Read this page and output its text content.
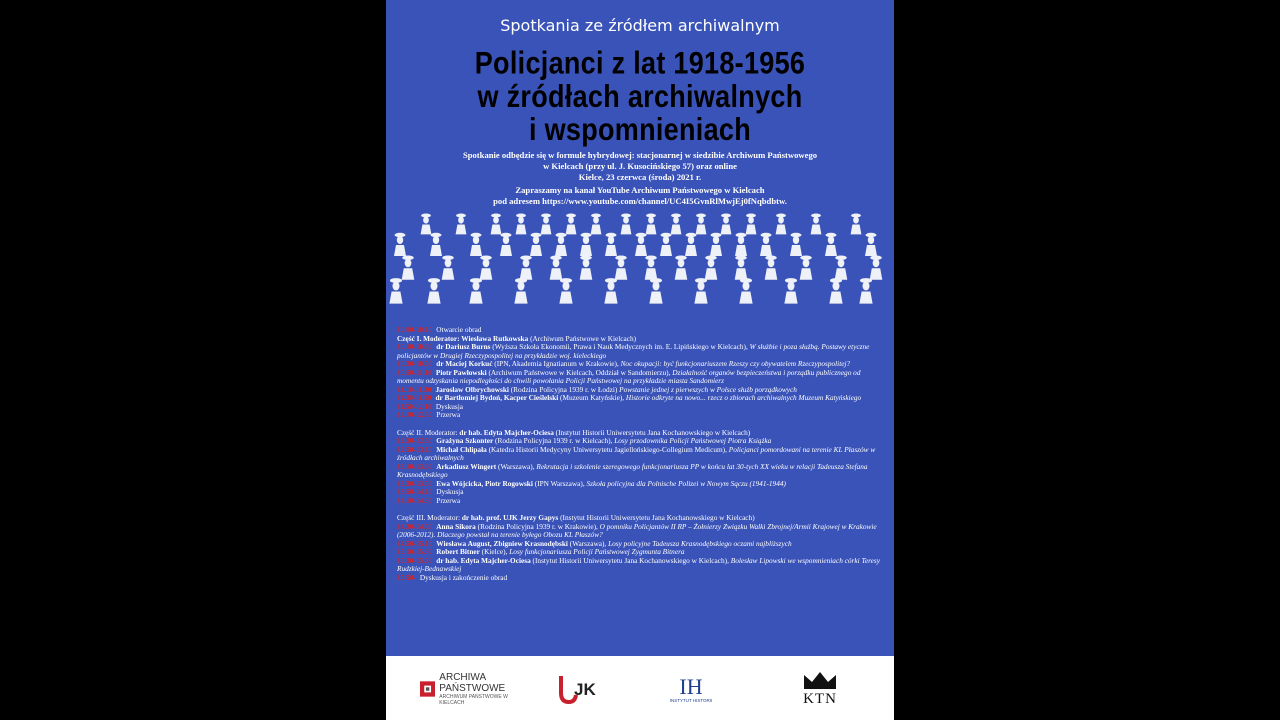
Spotkania ze źródłem archiwalnym
Policjanci z lat 1918-1956
w źródłach archiwalnych
i wspomnieniach
Spotkanie odbędzie się w formule hybrydowej: stacjonarnej w siedzibie Archiwum Państwowego
w Kielcach (przy ul. J. Kusocińskiego 57) oraz online
Kielce, 23 czerwca (środa) 2021 r.
Zapraszamy na kanał YouTube Archiwum Państwowego w Kielcach
pod adresem https://www.youtube.com/channel/UC4I5GvnRlMwjEj0fNqbdbtw.
10.00-10.10 Otwarcie obrad
Część I. Moderator: Wiesława Rutkowska (Archiwum Państwowe w Kielcach)
10.10-10.30 dr Dariusz Burns (Wyższa Szkoła Ekonomii, Prawa i Nauk Medycznych im. E. Lipińskiego w Kielcach), W służbie i poza służbą. Postawy etyczne policjantów w Drugiej Rzeczypospolitej na przykładzie woj. kieleckiego
10.30-10.50 dr Maciej Korkuć (IPN, Akademia Ignatianum w Krakowie), Noc okupacji: być funkcjonariuszem Rzeszy czy obywatelem Rzeczypospolitej?
10.50-11.10 Piotr Pawłowski (Archiwum Państwowe w Kielcach, Oddział w Sandomierzu), Działalność organów bezpieczeństwa i porządku publicznego od momentu odzyskania niepodległości do chwili powołania Policji Państwowej na przykładzie miasta Sandomierz
11.10-11.30 Jarosław Olbrychowski (Rodzina Policyjna 1939 r. w Łodzi) Powstanie jednej z pierwszych w Polsce służb porządkowych
11.30-11.50 dr Bartłomiej Bydoń, Kacper Cieślelski (Muzeum Katyńskie), Historie odkryte na nowo... rzecz o zbiorach archiwalnych Muzeum Katyńskiego
11.50-12.10 Dyskusja
12.10-12.30 Przerwa
Część II. Moderator: dr hab. Edyta Majcher-Ociesa (Instytut Historii Uniwersytetu Jana Kochanowskiego w Kielcach)
12.30-12.50 Grażyna Szkonter (Rodzina Policyjna 1939 r. w Kielcach), Losy przodownika Policji Państwowej Piotra Książka
12.50-13.10 Michał Chlipała (Katedra Historii Medycyny Uniwersytetu Jagiellońskiego-Collegium Medicum), Policjanci pomordowani na terenie KL Płaszów w źródłach archiwalnych
13.10-13.30 Arkadiusz Wingert (Warszawa), Rekrutacja i szkolenie szeregowego funkcjonariusza PP w końcu lat 30-tych XX wieku w relacji Tadeusza Stefana Krasnodębskiego
13.30-13.50 Ewa Wójcicka, Piotr Rogowski (IPN Warszawa), Szkoła policyjna dla Polnische Polizei w Nowym Sączu (1941-1944)
13.50-14.10 Dyskusja
14.10-14.30 Przerwa
Część III. Moderator: dr hab. prof. UJK Jerzy Gapys (Instytut Historii Uniwersytetu Jana Kochanowskiego w Kielcach)
14.30-14.50 Anna Sikora (Rodzina Policyjna 1939 r. w Krakowie), O pomniku Policjantów II RP – Żołnierzy Związku Walki Zbrojnej/Armii Krajowej w Krakowie (2006-2012). Dlaczego powstał na terenie byłego Obozu KL Płaszów?
14.50-15.10 Wiesława August, Zbigniew Krasnodębski (Warszawa), Losy policyjne Tadeusza Krasnodębskiego oczami najbliższych
15.10-15.30 Robert Bitner (Kielce), Losy funkcjonariusza Policji Państwowej Zygmunta Bitnera
15.30-15.50 dr hab. Edyta Majcher-Ociesa (Instytut Historii Uniwersytetu Jana Kochanowskiego w Kielcach), Bolesław Lipowski we wspomnieniach córki Teresy Rudzkiej-Bednawskiej
15.50- Dyskusja i zakończenie obrad
ARCHIWA
PAŃSTWOWE
ARCHIWUM PAŃSTWOWE W KIELCACH
JK	IH
INSTYTUT HISTORII	KTN
